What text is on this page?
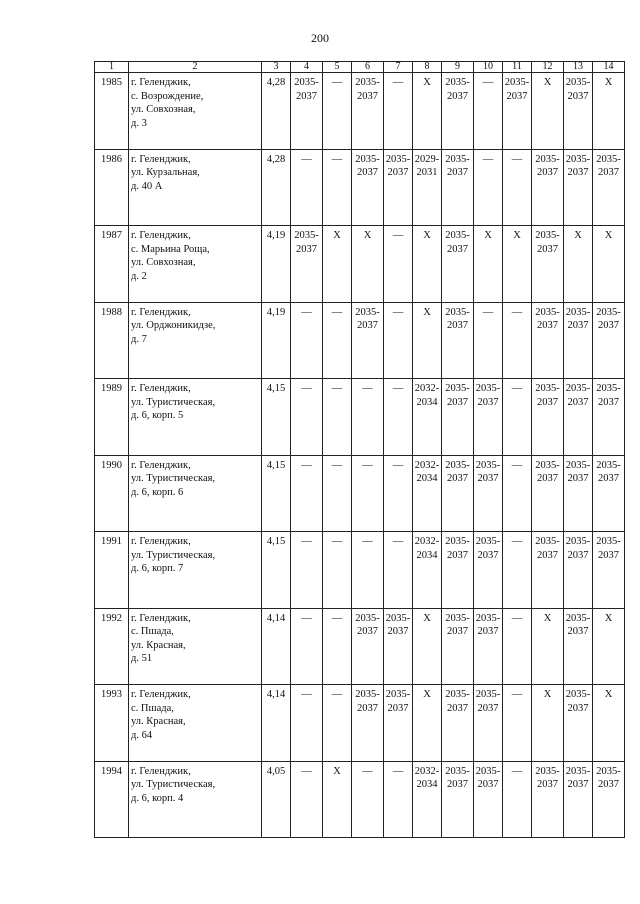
200
1	2	3	4	5	6	7	8	9	10	11	12	13	14
1985	г. Геленджик,
с. Возрождение,
ул. Совхозная,
д. 3	4,28	2035-
2037	—	2035-
2037	—	Х	2035-
2037	—	2035-
2037	Х	2035-
2037	Х
1986	г. Геленджик,
ул. Курзальная,
д. 40 А	4,28	—	—	2035-
2037	2035-
2037	2029-
2031	2035-
2037	—	—	2035-
2037	2035-
2037	2035-
2037
1987	г. Геленджик,
с. Марьина Роща,
ул. Совхозная,
д. 2	4,19	2035-
2037	Х	Х	—	Х	2035-
2037	Х	Х	2035-
2037	Х	Х
1988	г. Геленджик,
ул. Орджоникидзе,
д. 7	4,19	—	—	2035-
2037	—	Х	2035-
2037	—	—	2035-
2037	2035-
2037	2035-
2037
1989	г. Геленджик,
ул. Туристическая,
д. 6, корп. 5	4,15	—	—	—	—	2032-
2034	2035-
2037	2035-
2037	—	2035-
2037	2035-
2037	2035-
2037
1990	г. Геленджик,
ул. Туристическая,
д. 6, корп. 6	4,15	—	—	—	—	2032-
2034	2035-
2037	2035-
2037	—	2035-
2037	2035-
2037	2035-
2037
1991	г. Геленджик,
ул. Туристическая,
д. 6, корп. 7	4,15	—	—	—	—	2032-
2034	2035-
2037	2035-
2037	—	2035-
2037	2035-
2037	2035-
2037
1992	г. Геленджик,
с. Пшада,
ул. Красная,
д. 51	4,14	—	—	2035-
2037	2035-
2037	Х	2035-
2037	2035-
2037	—	Х	2035-
2037	Х
1993	г. Геленджик,
с. Пшада,
ул. Красная,
д. 64	4,14	—	—	2035-
2037	2035-
2037	Х	2035-
2037	2035-
2037	—	Х	2035-
2037	Х
1994	г. Геленджик,
ул. Туристическая,
д. 6, корп. 4	4,05	—	Х	—	—	2032-
2034	2035-
2037	2035-
2037	—	2035-
2037	2035-
2037	2035-
2037
